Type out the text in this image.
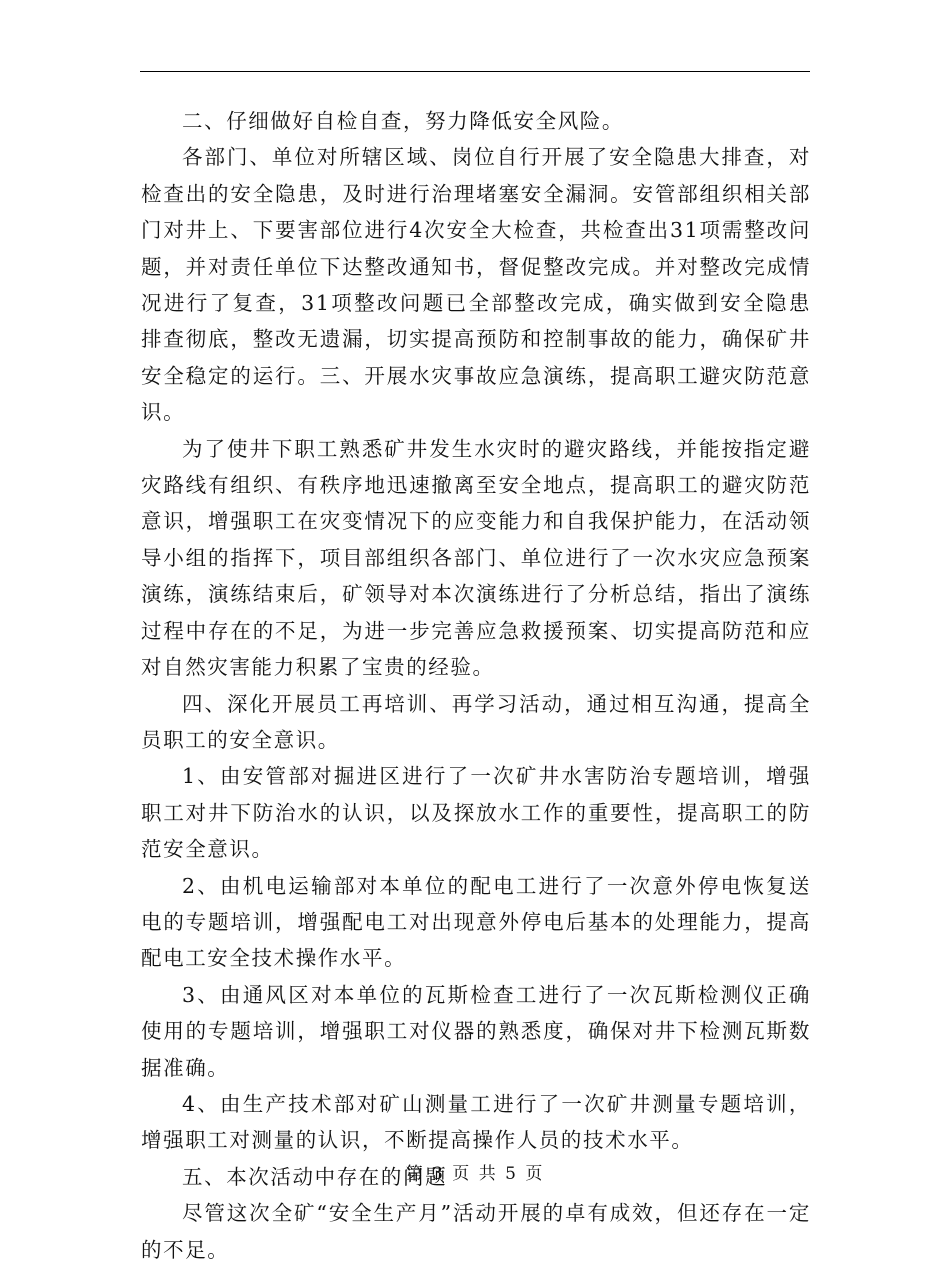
二、仔细做好自检自查，努力降低安全风险。

各部门、单位对所辖区域、岗位自行开展了安全隐患大排查，对检查出的安全隐患，及时进行治理堵塞安全漏洞。安管部组织相关部门对井上、下要害部位进行4次安全大检查，共检查出31项需整改问题，并对责任单位下达整改通知书，督促整改完成。并对整改完成情况进行了复查，31项整改问题已全部整改完成，确实做到安全隐患排查彻底，整改无遗漏，切实提高预防和控制事故的能力，确保矿井安全稳定的运行。三、开展水灾事故应急演练，提高职工避灾防范意识。

为了使井下职工熟悉矿井发生水灾时的避灾路线，并能按指定避灾路线有组织、有秩序地迅速撤离至安全地点，提高职工的避灾防范意识，增强职工在灾变情况下的应变能力和自我保护能力，在活动领导小组的指挥下，项目部组织各部门、单位进行了一次水灾应急预案演练，演练结束后，矿领导对本次演练进行了分析总结，指出了演练过程中存在的不足，为进一步完善应急救援预案、切实提高防范和应对自然灾害能力积累了宝贵的经验。

四、深化开展员工再培训、再学习活动，通过相互沟通，提高全员职工的安全意识。

1、由安管部对掘进区进行了一次矿井水害防治专题培训，增强职工对井下防治水的认识，以及探放水工作的重要性，提高职工的防范安全意识。

2、由机电运输部对本单位的配电工进行了一次意外停电恢复送电的专题培训，增强配电工对出现意外停电后基本的处理能力，提高配电工安全技术操作水平。

3、由通风区对本单位的瓦斯检查工进行了一次瓦斯检测仪正确使用的专题培训，增强职工对仪器的熟悉度，确保对井下检测瓦斯数据准确。

4、由生产技术部对矿山测量工进行了一次矿井测量专题培训，增强职工对测量的认识，不断提高操作人员的技术水平。

五、本次活动中存在的问题

尽管这次全矿“安全生产月”活动开展的卓有成效，但还存在一定的不足。

第 3 页 共 5 页
